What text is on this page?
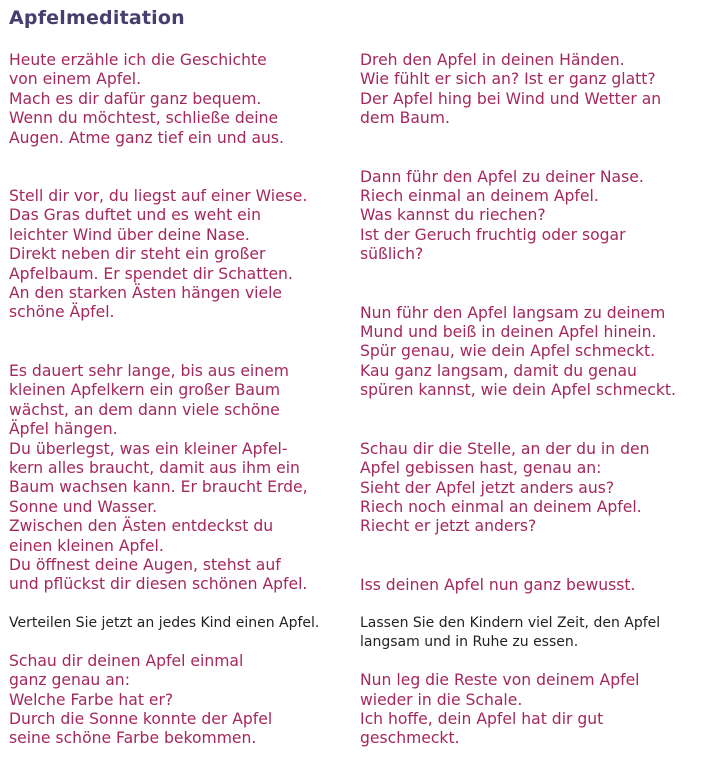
Apfelmeditation

Heute erzähle ich die Geschichte
von einem Apfel.
Mach es dir dafür ganz bequem.
Wenn du möchtest, schließe deine
Augen. Atme ganz tief ein und aus.

Stell dir vor, du liegst auf einer Wiese.
Das Gras duftet und es weht ein
leichter Wind über deine Nase.
Direkt neben dir steht ein großer
Apfelbaum. Er spendet dir Schatten.
An den starken Ästen hängen viele
schöne Äpfel.

Es dauert sehr lange, bis aus einem
kleinen Apfelkern ein großer Baum
wächst, an dem dann viele schöne
Äpfel hängen.
Du überlegst, was ein kleiner Apfel-
kern alles braucht, damit aus ihm ein
Baum wachsen kann. Er braucht Erde,
Sonne und Wasser.
Zwischen den Ästen entdeckst du
einen kleinen Apfel.
Du öffnest deine Augen, stehst auf
und pflückst dir diesen schönen Apfel.

Verteilen Sie jetzt an jedes Kind einen Apfel.

Schau dir deinen Apfel einmal
ganz genau an:
Welche Farbe hat er?
Durch die Sonne konnte der Apfel
seine schöne Farbe bekommen.

Dreh den Apfel in deinen Händen.
Wie fühlt er sich an? Ist er ganz glatt?
Der Apfel hing bei Wind und Wetter an
dem Baum.

Dann führ den Apfel zu deiner Nase.
Riech einmal an deinem Apfel.
Was kannst du riechen?
Ist der Geruch fruchtig oder sogar
süßlich?

Nun führ den Apfel langsam zu deinem
Mund und beiß in deinen Apfel hinein.
Spür genau, wie dein Apfel schmeckt.
Kau ganz langsam, damit du genau
spüren kannst, wie dein Apfel schmeckt.

Schau dir die Stelle, an der du in den
Apfel gebissen hast, genau an:
Sieht der Apfel jetzt anders aus?
Riech noch einmal an deinem Apfel.
Riecht er jetzt anders?

Iss deinen Apfel nun ganz bewusst.

Lassen Sie den Kindern viel Zeit, den Apfel
langsam und in Ruhe zu essen.

Nun leg die Reste von deinem Apfel
wieder in die Schale.
Ich hoffe, dein Apfel hat dir gut
geschmeckt.
